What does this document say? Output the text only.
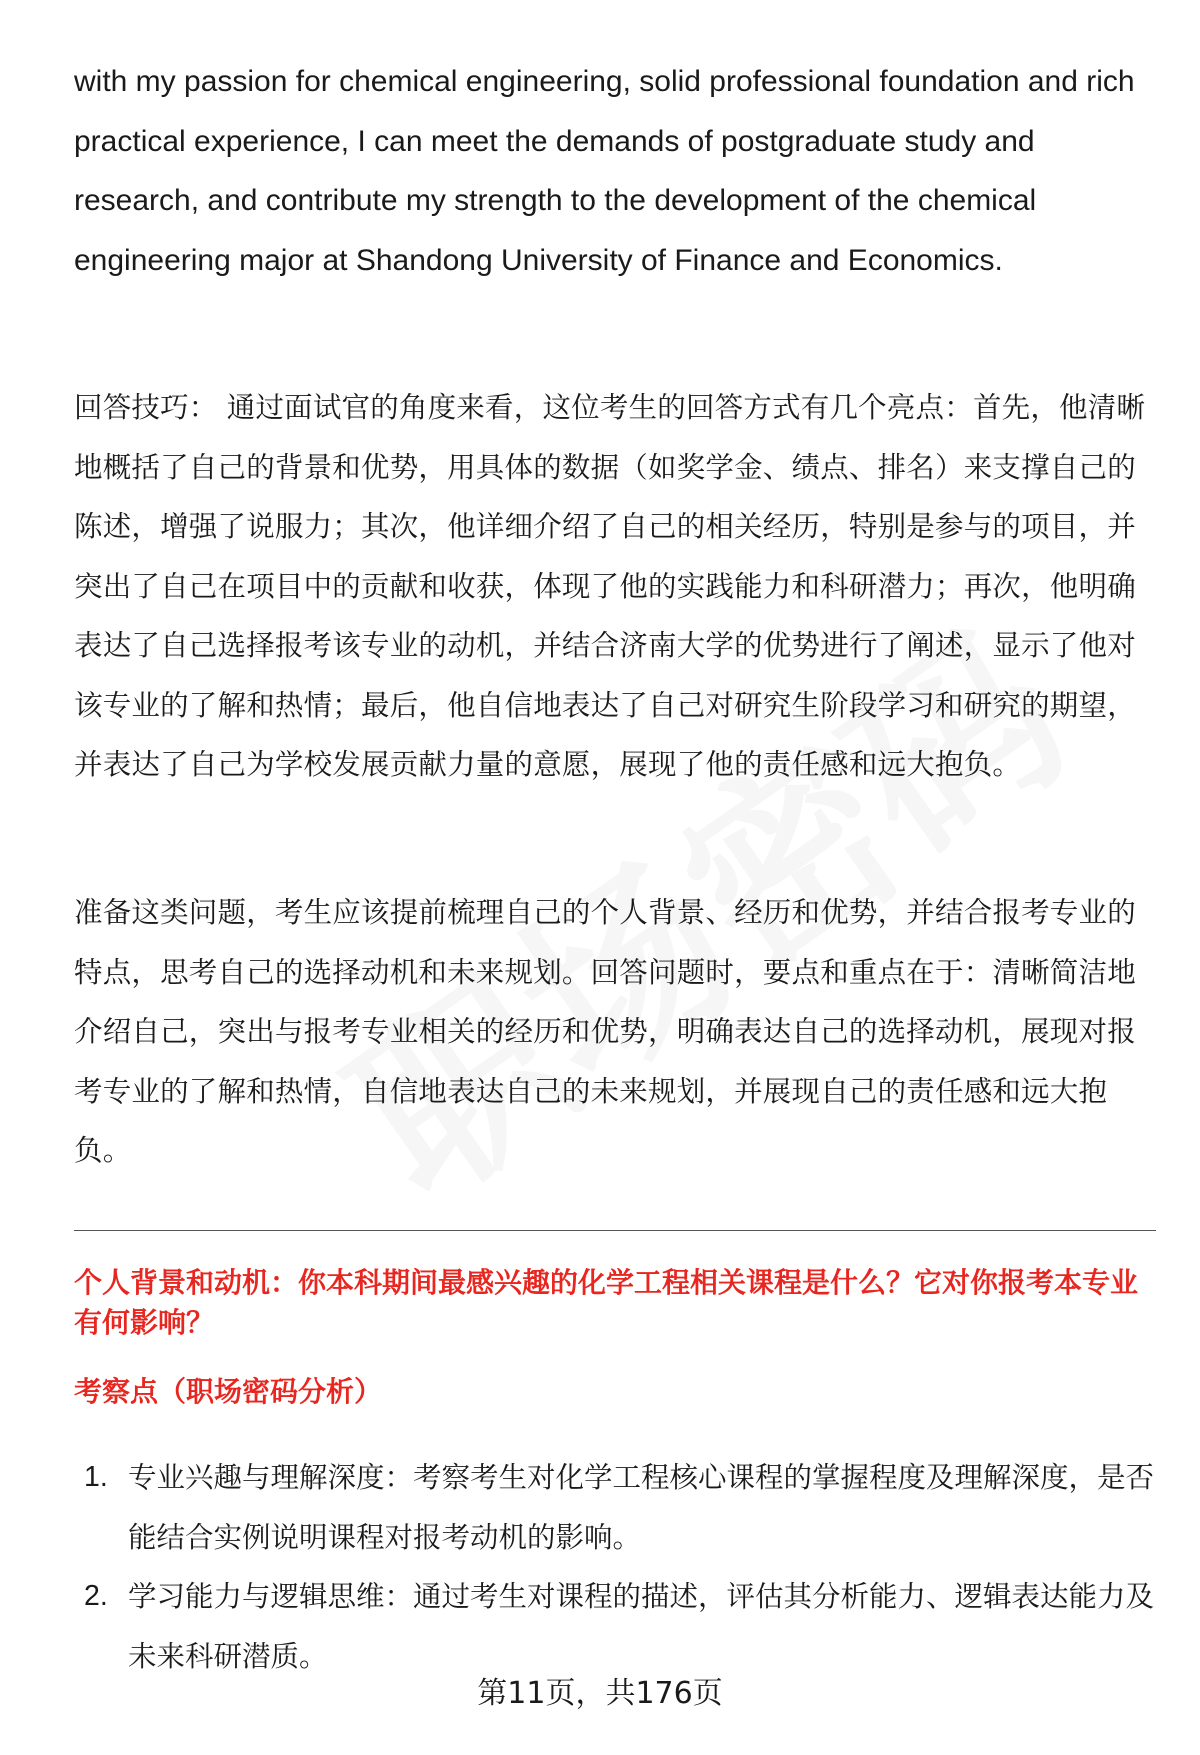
with my passion for chemical engineering, solid professional foundation and rich practical experience, I can meet the demands of postgraduate study and research, and contribute my strength to the development of the chemical engineering major at Shandong University of Finance and Economics.
回答技巧： 通过面试官的角度来看，这位考生的回答方式有几个亮点：首先，他清晰地概括了自己的背景和优势，用具体的数据（如奖学金、绩点、排名）来支撑自己的陈述，增强了说服力；其次，他详细介绍了自己的相关经历，特别是参与的项目，并突出了自己在项目中的贡献和收获，体现了他的实践能力和科研潜力；再次，他明确表达了自己选择报考该专业的动机，并结合济南大学的优势进行了阐述，显示了他对该专业的了解和热情；最后，他自信地表达了自己对研究生阶段学习和研究的期望，并表达了自己为学校发展贡献力量的意愿，展现了他的责任感和远大抱负。
准备这类问题，考生应该提前梳理自己的个人背景、经历和优势，并结合报考专业的特点，思考自己的选择动机和未来规划。回答问题时，要点和重点在于：清晰简洁地介绍自己，突出与报考专业相关的经历和优势，明确表达自己的选择动机，展现对报考专业的了解和热情，自信地表达自己的未来规划，并展现自己的责任感和远大抱负。
个人背景和动机：你本科期间最感兴趣的化学工程相关课程是什么？它对你报考本专业有何影响？
考察点（职场密码分析）
1. 专业兴趣与理解深度：考察考生对化学工程核心课程的掌握程度及理解深度，是否能结合实例说明课程对报考动机的影响。
2. 学习能力与逻辑思维：通过考生对课程的描述，评估其分析能力、逻辑表达能力及未来科研潜质。
第11页，共176页
